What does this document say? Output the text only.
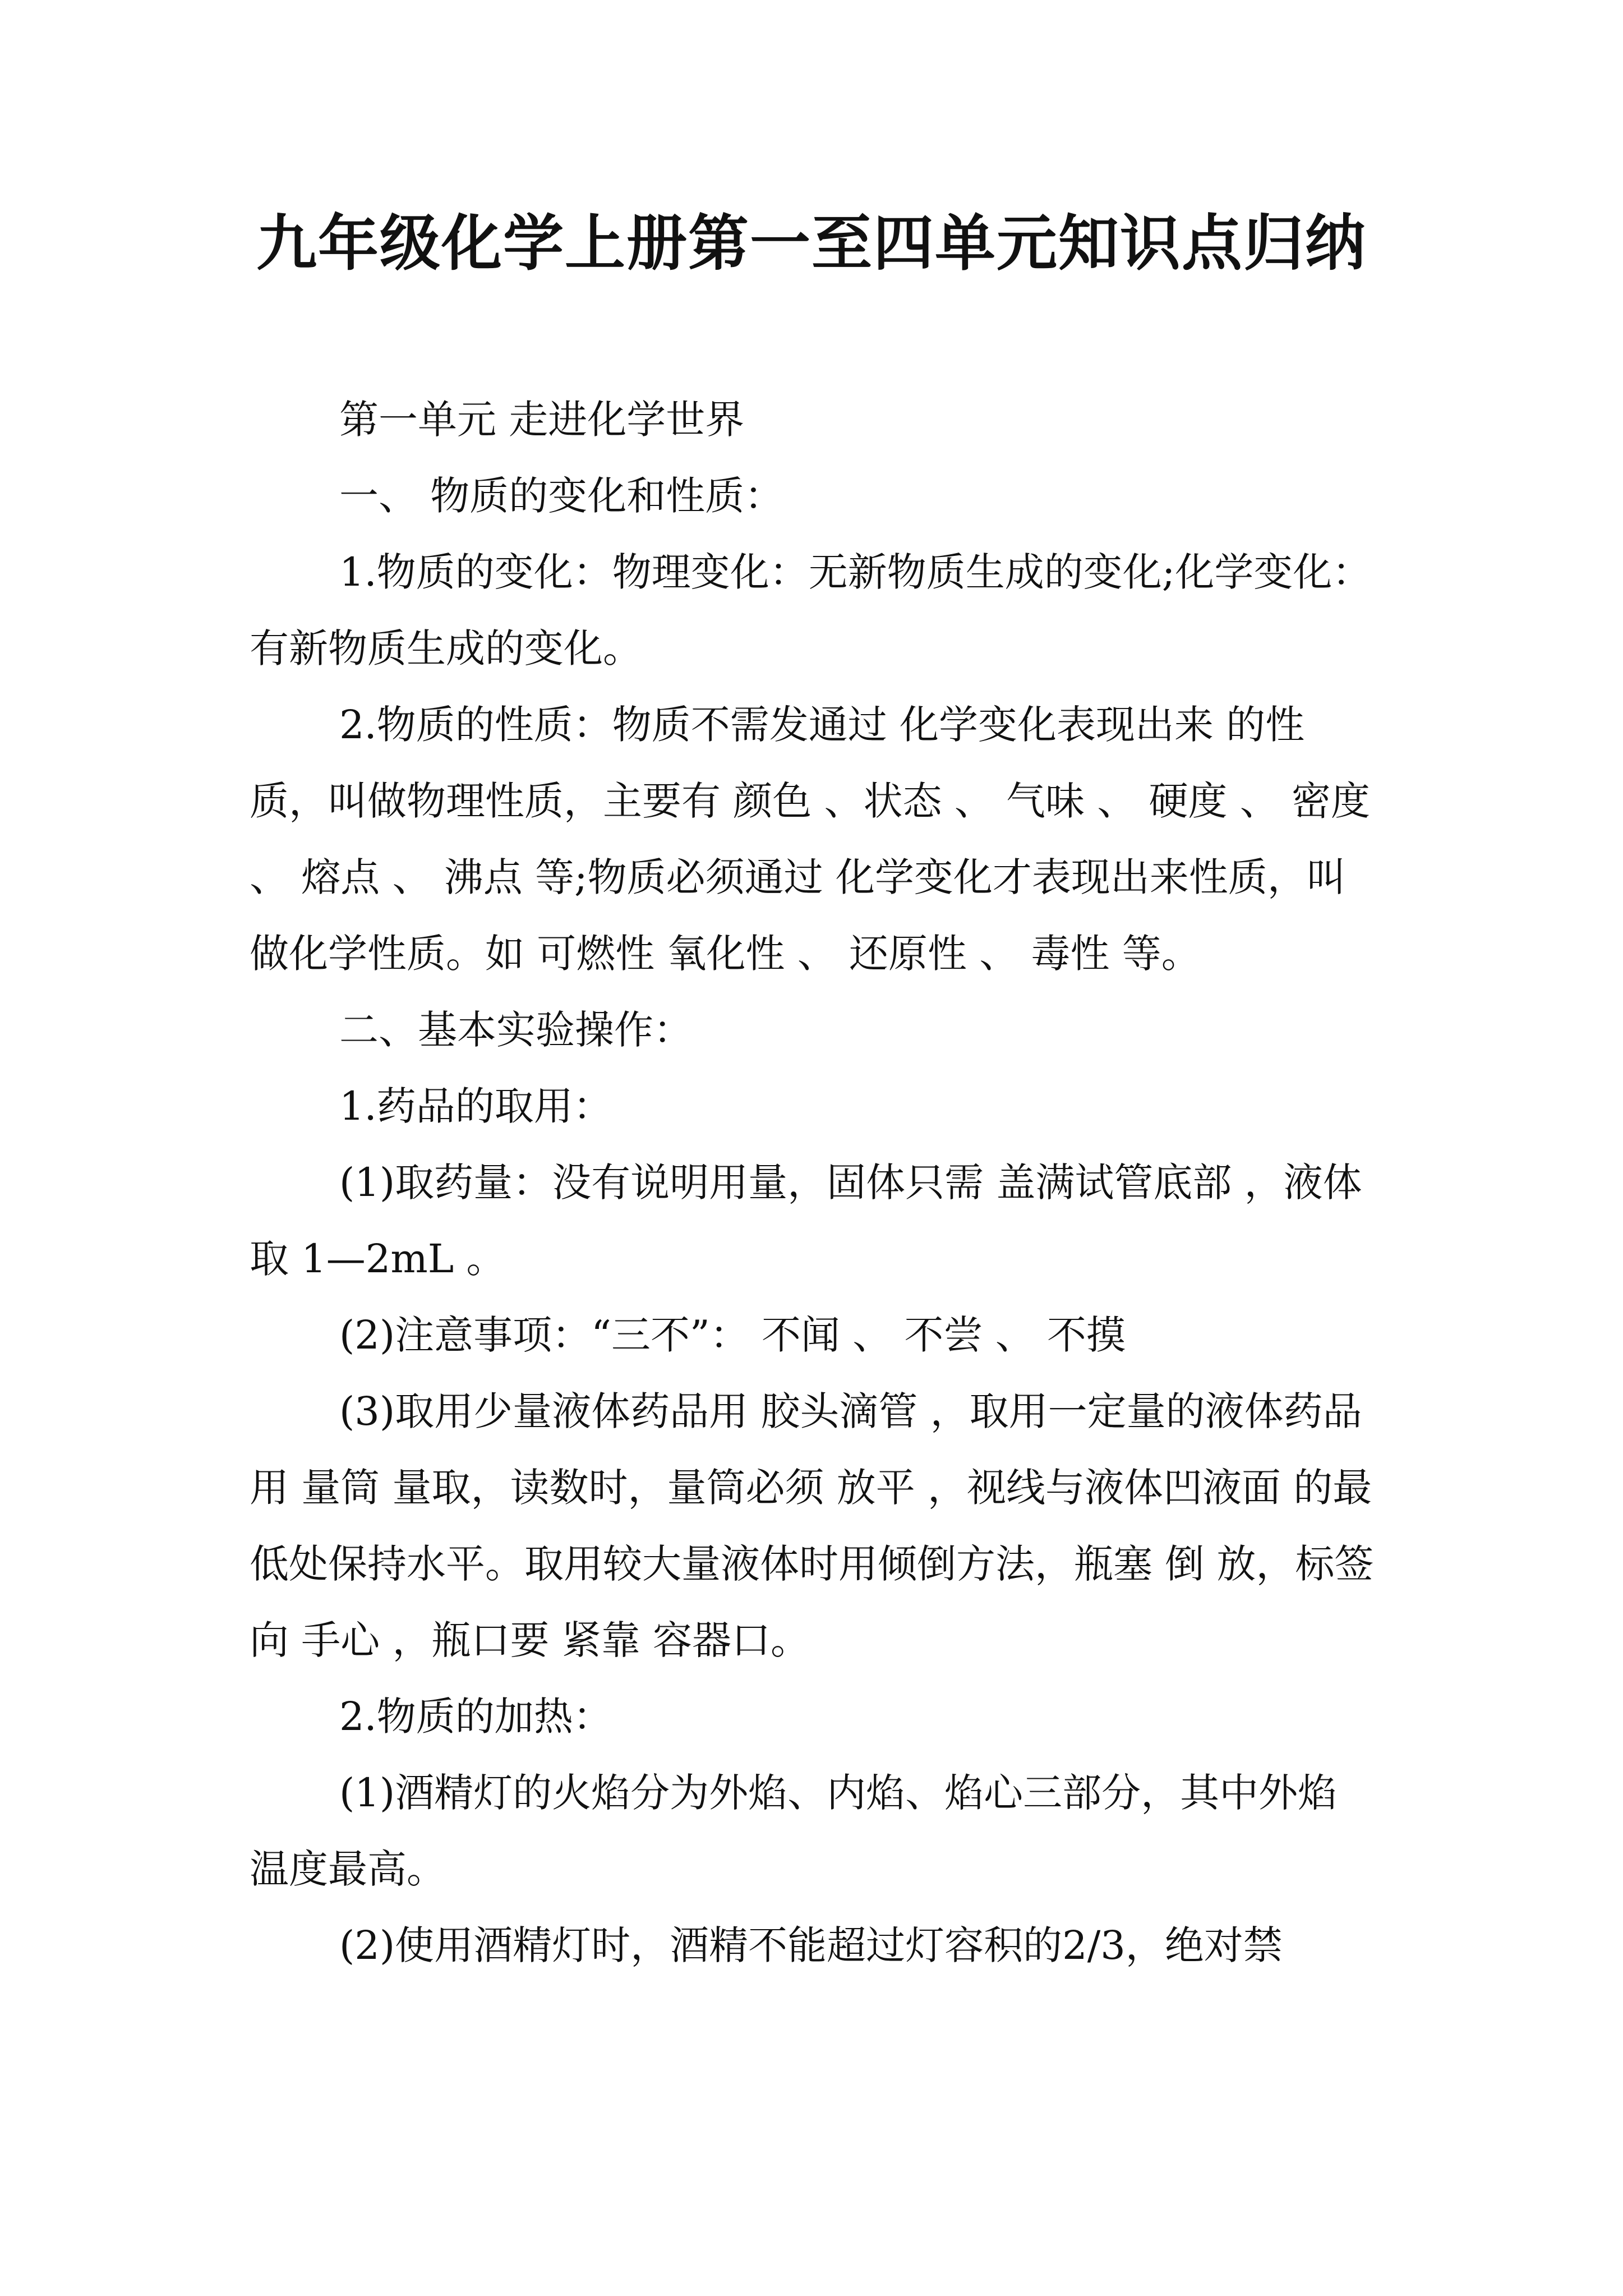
九年级化学上册第一至四单元知识点归纳

第一单元 走进化学世界

一、 物质的变化和性质：

1.物质的变化：物理变化：无新物质生成的变化;化学变化：有新物质生成的变化。

2.物质的性质：物质不需发通过 化学变化表现出来 的性质，叫做物理性质，主要有 颜色 、状态 、 气味 、 硬度 、 密度 、 熔点 、 沸点 等;物质必须通过 化学变化才表现出来性质，叫做化学性质。如 可燃性 氧化性 、 还原性 、 毒性 等。

二、基本实验操作：

1.药品的取用：

(1)取药量：没有说明用量，固体只需 盖满试管底部 ，液体取 1—2mL 。

(2)注意事项：“三不”： 不闻 、 不尝 、 不摸

(3)取用少量液体药品用 胶头滴管 ，取用一定量的液体药品用 量筒 量取，读数时，量筒必须 放平 ，视线与液体凹液面 的最低处保持水平。取用较大量液体时用倾倒方法，瓶塞 倒 放，标签向 手心 ，瓶口要 紧靠 容器口。

2.物质的加热：

(1)酒精灯的火焰分为外焰、内焰、焰心三部分，其中外焰 温度最高。

(2)使用酒精灯时，酒精不能超过灯容积的2/3，绝对禁
